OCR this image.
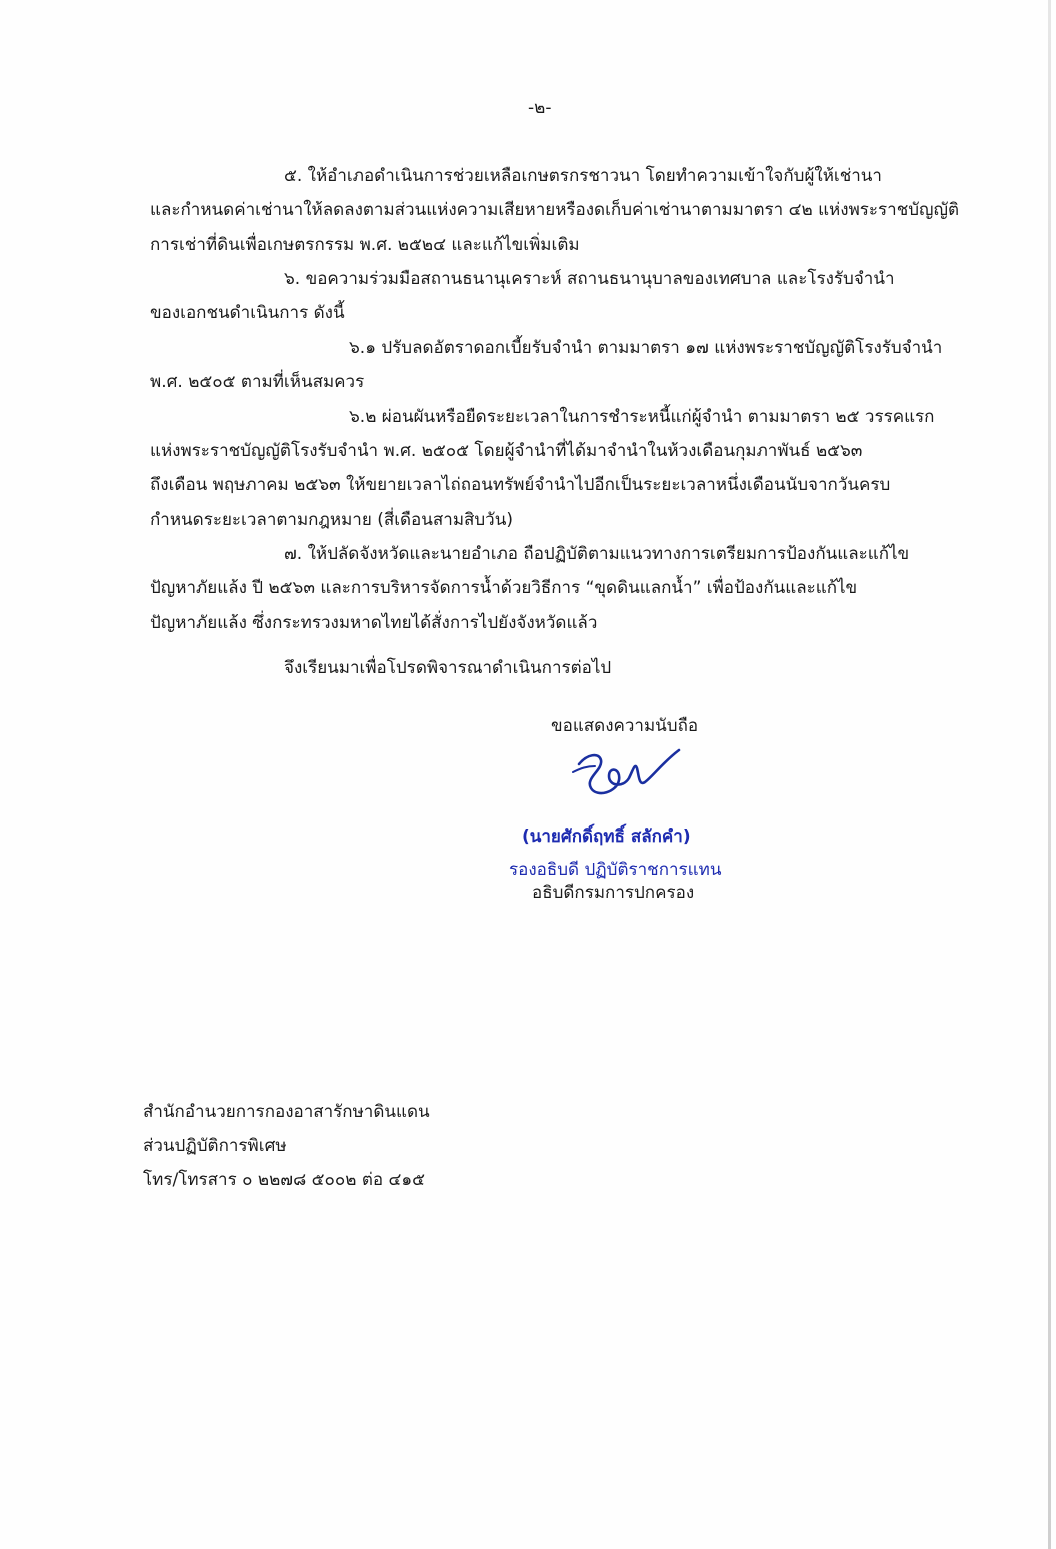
-๒-
๕. ให้อำเภอดำเนินการช่วยเหลือเกษตรกรชาวนา โดยทำความเข้าใจกับผู้ให้เช่านา
และกำหนดค่าเช่านาให้ลดลงตามส่วนแห่งความเสียหายหรืองดเก็บค่าเช่านาตามมาตรา ๔๒ แห่งพระราชบัญญัติ
การเช่าที่ดินเพื่อเกษตรกรรม พ.ศ. ๒๕๒๔ และแก้ไขเพิ่มเติม
๖. ขอความร่วมมือสถานธนานุเคราะห์ สถานธนานุบาลของเทศบาล และโรงรับจำนำ
ของเอกชนดำเนินการ ดังนี้
๖.๑ ปรับลดอัตราดอกเบี้ยรับจำนำ ตามมาตรา ๑๗ แห่งพระราชบัญญัติโรงรับจำนำ
พ.ศ. ๒๕๐๕ ตามที่เห็นสมควร
๖.๒ ผ่อนผันหรือยืดระยะเวลาในการชำระหนี้แก่ผู้จำนำ ตามมาตรา ๒๕ วรรคแรก
แห่งพระราชบัญญัติโรงรับจำนำ พ.ศ. ๒๕๐๕ โดยผู้จำนำที่ได้มาจำนำในห้วงเดือนกุมภาพันธ์ ๒๕๖๓
ถึงเดือน พฤษภาคม ๒๕๖๓ ให้ขยายเวลาไถ่ถอนทรัพย์จำนำไปอีกเป็นระยะเวลาหนึ่งเดือนนับจากวันครบ
กำหนดระยะเวลาตามกฎหมาย (สี่เดือนสามสิบวัน)
๗. ให้ปลัดจังหวัดและนายอำเภอ ถือปฏิบัติตามแนวทางการเตรียมการป้องกันและแก้ไข
ปัญหาภัยแล้ง ปี ๒๕๖๓ และการบริหารจัดการน้ำด้วยวิธีการ “ขุดดินแลกน้ำ” เพื่อป้องกันและแก้ไข
ปัญหาภัยแล้ง ซึ่งกระทรวงมหาดไทยได้สั่งการไปยังจังหวัดแล้ว
จึงเรียนมาเพื่อโปรดพิจารณาดำเนินการต่อไป
ขอแสดงความนับถือ
(นายศักดิ์ฤทธิ์ สลักคำ)
รองอธิบดี ปฏิบัติราชการแทน
อธิบดีกรมการปกครอง
สำนักอำนวยการกองอาสารักษาดินแดน
ส่วนปฏิบัติการพิเศษ
โทร/โทรสาร ๐ ๒๒๗๘ ๕๐๐๒ ต่อ ๔๑๕
